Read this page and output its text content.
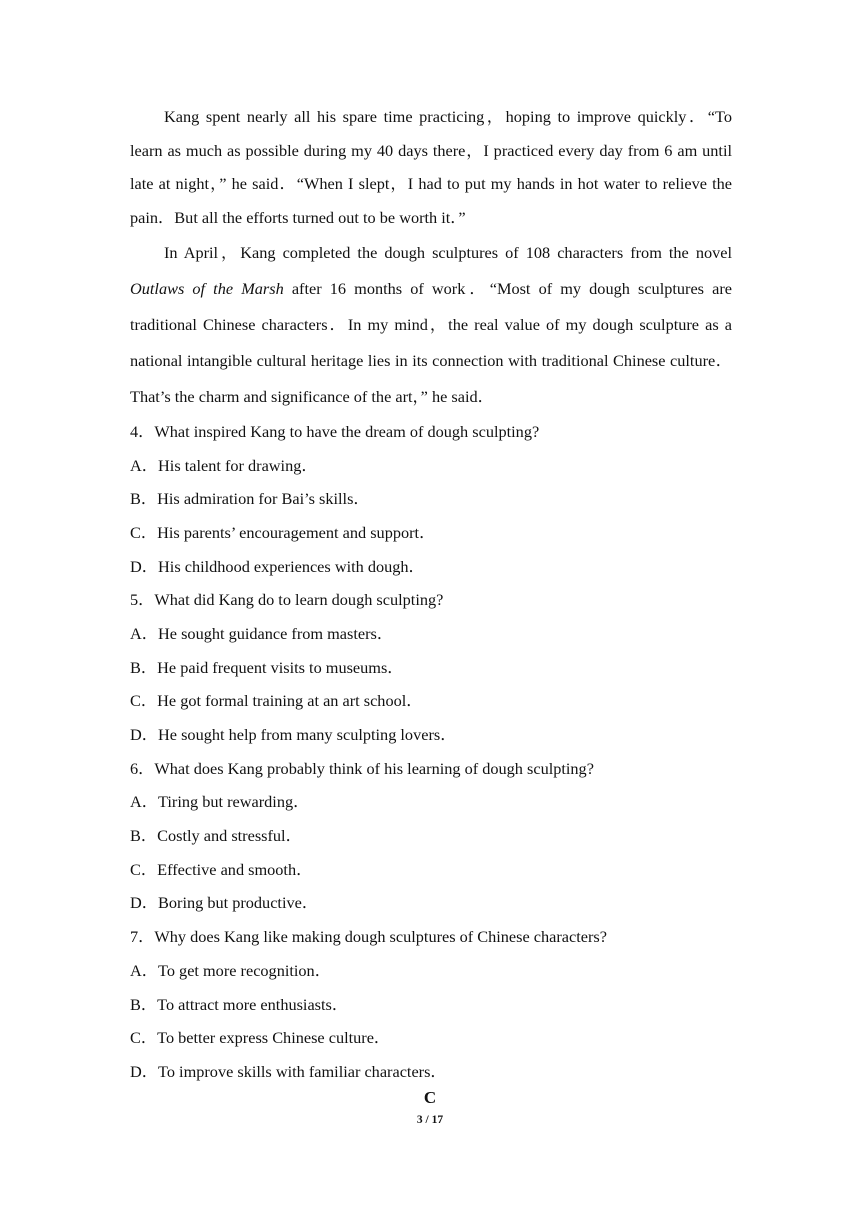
Kang spent nearly all his spare time practicing，hoping to improve quickly．“To learn as much as possible during my 40 days there，I practiced every day from 6 am until late at night，” he said．“When I slept，I had to put my hands in hot water to relieve the pain．But all the efforts turned out to be worth it．”

In April，Kang completed the dough sculptures of 108 characters from the novel Outlaws of the Marsh after 16 months of work．“Most of my dough sculptures are traditional Chinese characters．In my mind，the real value of my dough sculpture as a national intangible cultural heritage lies in its connection with traditional Chinese culture．That’s the charm and significance of the art，” he said．

4．What inspired Kang to have the dream of dough sculpting?

A．His talent for drawing．

B．His admiration for Bai’s skills．

C．His parents’ encouragement and support．

D．His childhood experiences with dough．

5．What did Kang do to learn dough sculpting?

A．He sought guidance from masters．

B．He paid frequent visits to museums．

C．He got formal training at an art school．

D．He sought help from many sculpting lovers．

6．What does Kang probably think of his learning of dough sculpting?

A．Tiring but rewarding．

B．Costly and stressful．

C．Effective and smooth．

D．Boring but productive．

7．Why does Kang like making dough sculptures of Chinese characters?

A．To get more recognition．

B．To attract more enthusiasts．

C．To better express Chinese culture．

D．To improve skills with familiar characters．

C
3 / 17
